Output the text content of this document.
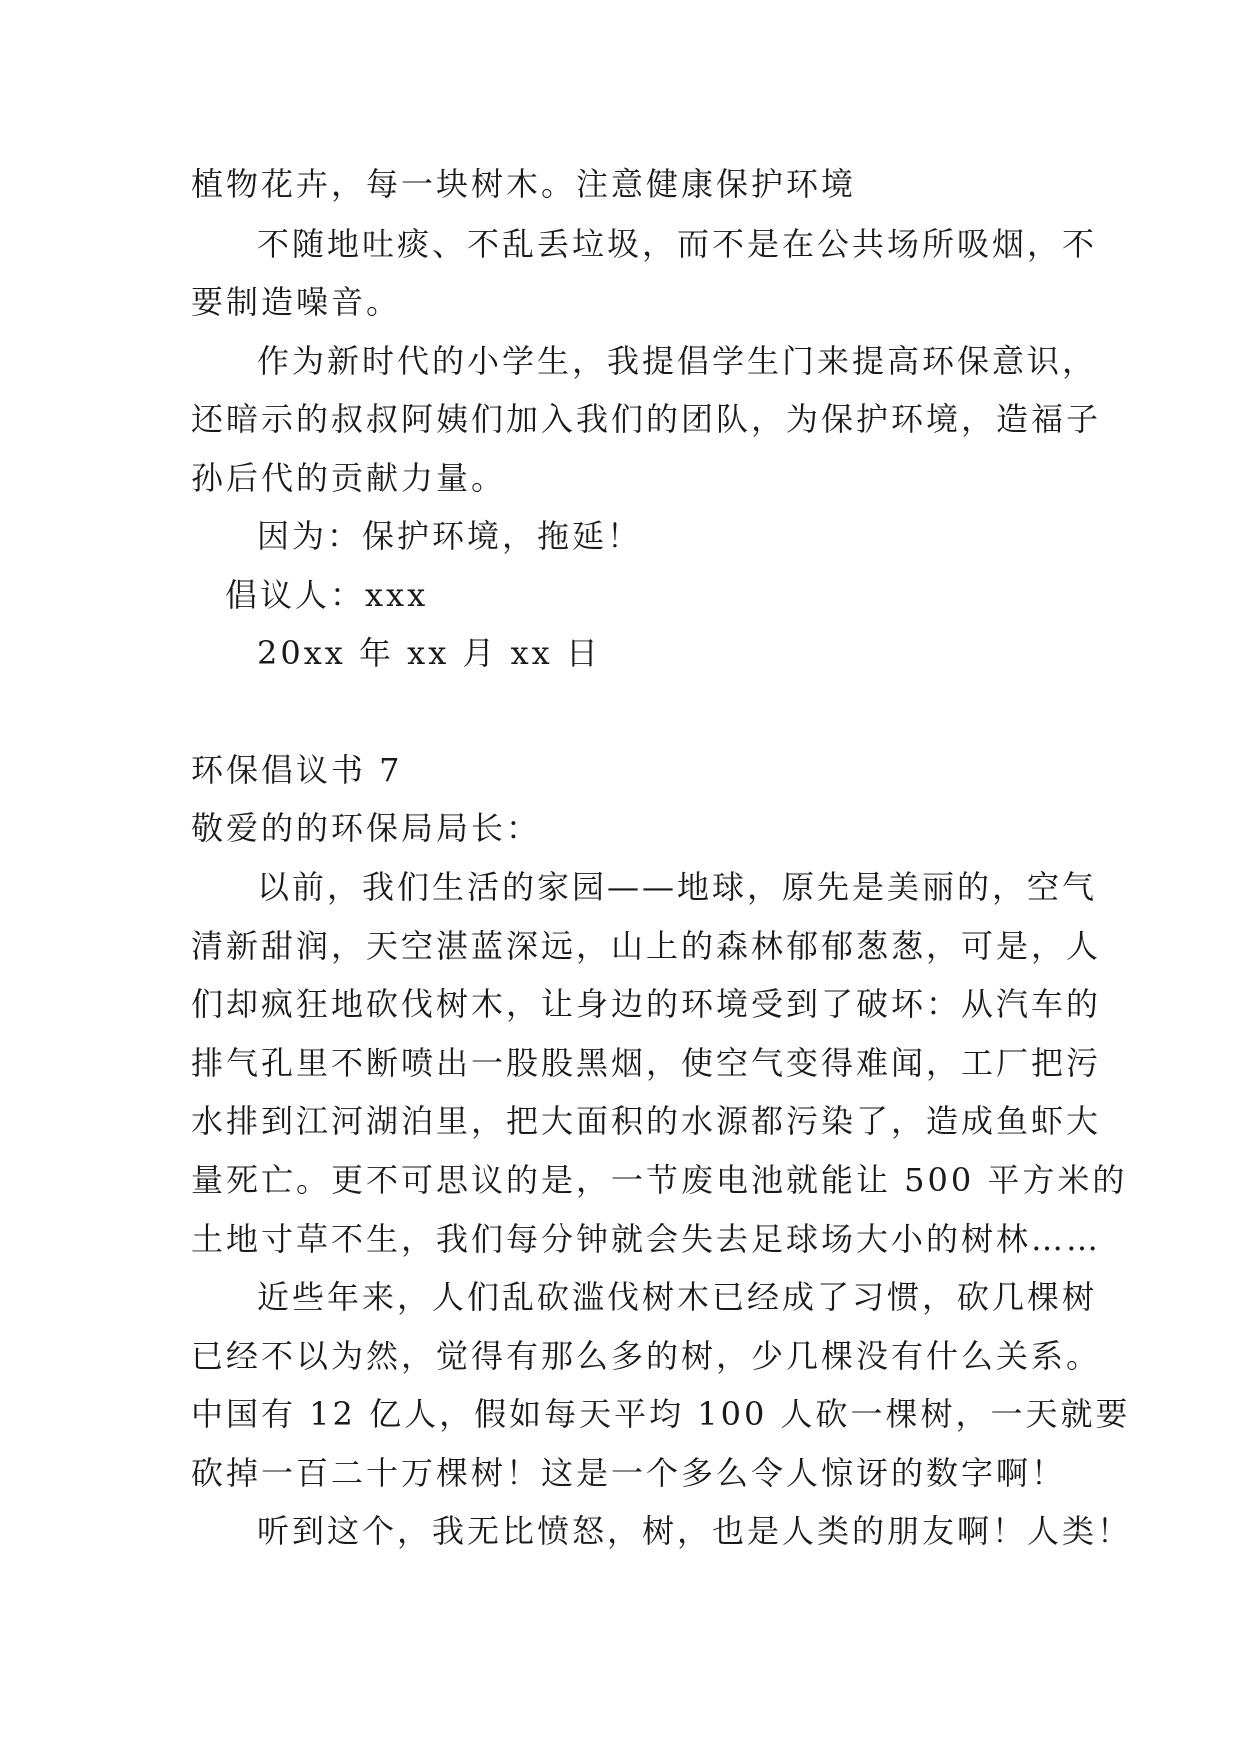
植物花卉，每一块树木。注意健康保护环境
不随地吐痰、不乱丢垃圾，而不是在公共场所吸烟，不
要制造噪音。
作为新时代的小学生，我提倡学生门来提高环保意识，
还暗示的叔叔阿姨们加入我们的团队，为保护环境，造福子
孙后代的贡献力量。
因为：保护环境，拖延！
倡议人：xxx
20xx 年 xx 月 xx 日
环保倡议书 7
敬爱的的环保局局长：
以前，我们生活的家园——地球，原先是美丽的，空气
清新甜润，天空湛蓝深远，山上的森林郁郁葱葱，可是，人
们却疯狂地砍伐树木，让身边的环境受到了破坏：从汽车的
排气孔里不断喷出一股股黑烟，使空气变得难闻，工厂把污
水排到江河湖泊里，把大面积的水源都污染了，造成鱼虾大
量死亡。更不可思议的是，一节废电池就能让 500 平方米的
土地寸草不生，我们每分钟就会失去足球场大小的树林……
近些年来，人们乱砍滥伐树木已经成了习惯，砍几棵树
已经不以为然，觉得有那么多的树，少几棵没有什么关系。
中国有 12 亿人，假如每天平均 100 人砍一棵树，一天就要
砍掉一百二十万棵树！这是一个多么令人惊讶的数字啊！
听到这个，我无比愤怒，树，也是人类的朋友啊！人类！
